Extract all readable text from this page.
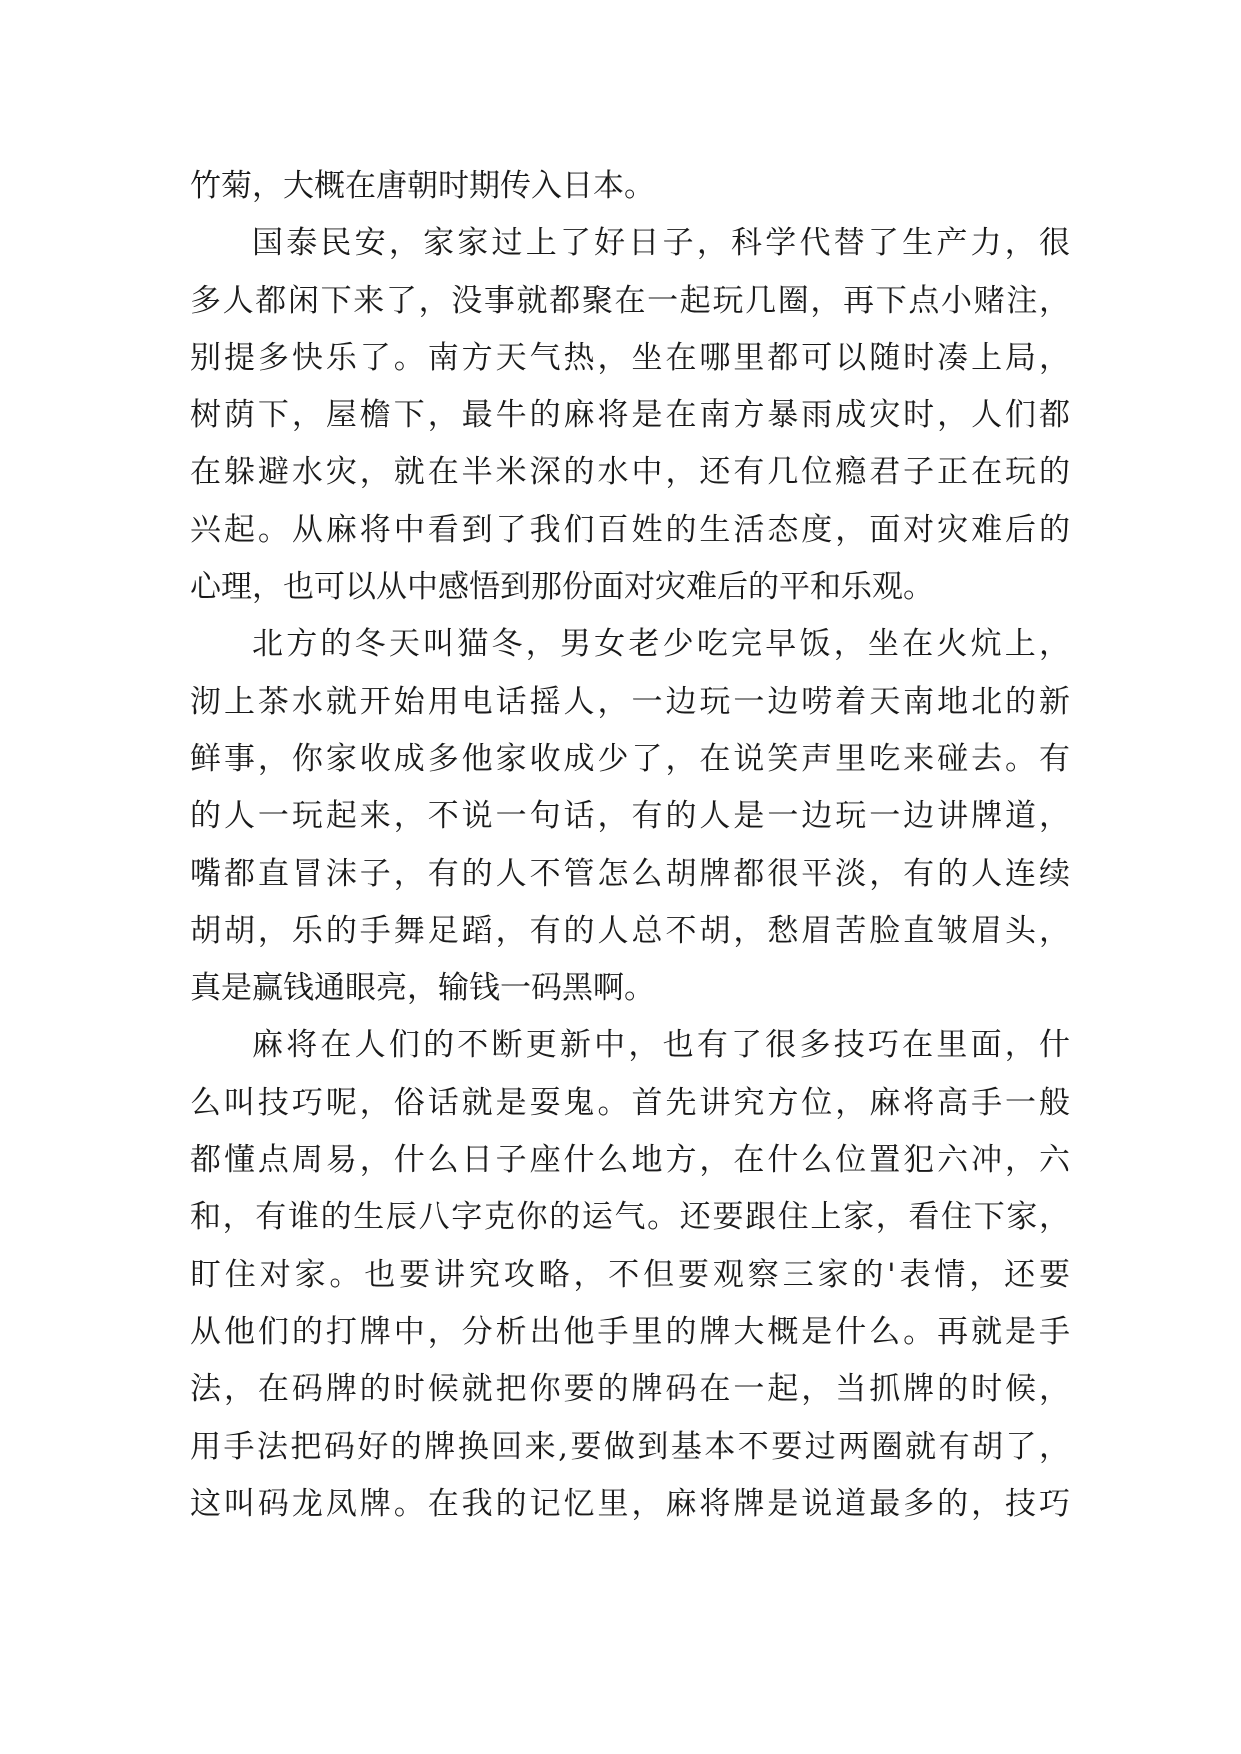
竹菊，大概在唐朝时期传入日本。
国泰民安，家家过上了好日子，科学代替了生产力，很
多人都闲下来了，没事就都聚在一起玩几圈，再下点小赌注，
别提多快乐了。南方天气热，坐在哪里都可以随时凑上局，
树荫下，屋檐下，最牛的麻将是在南方暴雨成灾时，人们都
在躲避水灾，就在半米深的水中，还有几位瘾君子正在玩的
兴起。从麻将中看到了我们百姓的生活态度，面对灾难后的
心理，也可以从中感悟到那份面对灾难后的平和乐观。
北方的冬天叫猫冬，男女老少吃完早饭，坐在火炕上，
沏上茶水就开始用电话摇人，一边玩一边唠着天南地北的新
鲜事，你家收成多他家收成少了，在说笑声里吃来碰去。有
的人一玩起来，不说一句话，有的人是一边玩一边讲牌道，
嘴都直冒沫子，有的人不管怎么胡牌都很平淡，有的人连续
胡胡，乐的手舞足蹈，有的人总不胡，愁眉苦脸直皱眉头，
真是赢钱通眼亮，输钱一码黑啊。
麻将在人们的不断更新中，也有了很多技巧在里面，什
么叫技巧呢，俗话就是耍鬼。首先讲究方位，麻将高手一般
都懂点周易，什么日子座什么地方，在什么位置犯六冲，六
和，有谁的生辰八字克你的运气。还要跟住上家，看住下家，
盯住对家。也要讲究攻略，不但要观察三家的'表情，还要
从他们的打牌中，分析出他手里的牌大概是什么。再就是手
法，在码牌的时候就把你要的牌码在一起，当抓牌的时候，
用手法把码好的牌换回来,要做到基本不要过两圈就有胡了，
这叫码龙凤牌。在我的记忆里，麻将牌是说道最多的，技巧
